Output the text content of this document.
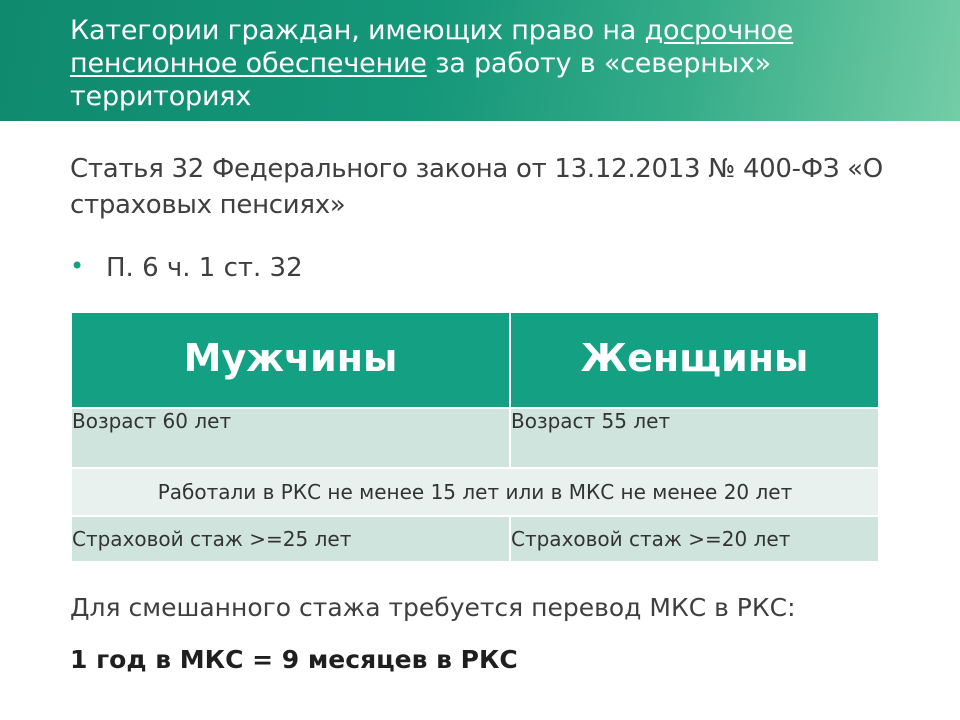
Категории граждан, имеющих право на досрочное пенсионное обеспечение за работу в «северных» территориях
Статья 32 Федерального закона от 13.12.2013 № 400-ФЗ «О страховых пенсиях»
• П. 6 ч. 1 ст. 32
Мужчины	Женщины
Возраст 60 лет	Возраст 55 лет
Работали в РКС не менее 15 лет или в МКС не менее 20 лет	
Страховой стаж >=25 лет	Страховой стаж >=20 лет
Для смешанного стажа требуется перевод МКС в РКС:
1 год в МКС = 9 месяцев в РКС
